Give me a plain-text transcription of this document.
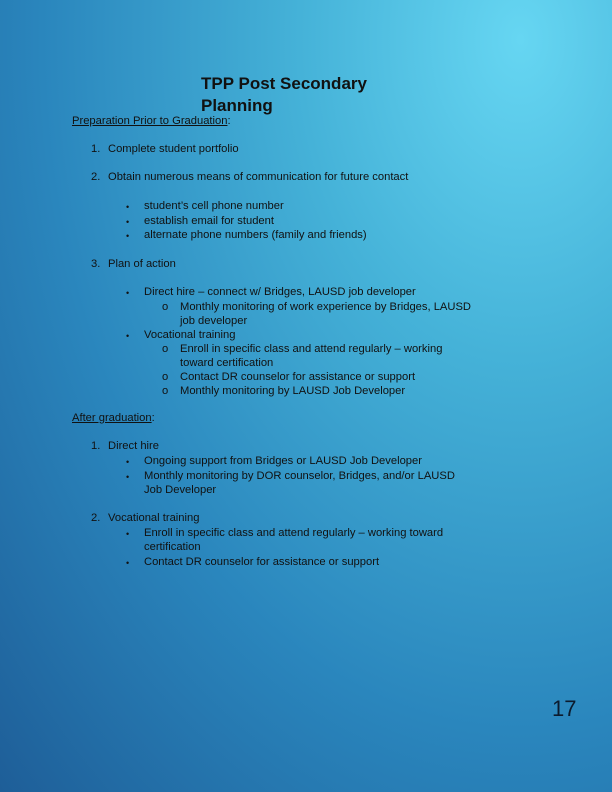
TPP Post Secondary Planning
Preparation Prior to Graduation:
1. Complete student portfolio
2. Obtain numerous means of communication for future contact
• student’s cell phone number
• establish email for student
• alternate phone numbers (family and friends)
3. Plan of action
• Direct hire – connect w/ Bridges, LAUSD job developer
o Monthly monitoring of work experience by Bridges, LAUSD
job developer
• Vocational training
o Enroll in specific class and attend regularly – working
toward certification
o Contact DR counselor for assistance or support
o Monthly monitoring by LAUSD Job Developer
After graduation:
1. Direct hire
• Ongoing support from Bridges or LAUSD Job Developer
• Monthly monitoring by DOR counselor, Bridges, and/or LAUSD
Job Developer
2. Vocational training
• Enroll in specific class and attend regularly – working toward
certification
• Contact DR counselor for assistance or support
17
